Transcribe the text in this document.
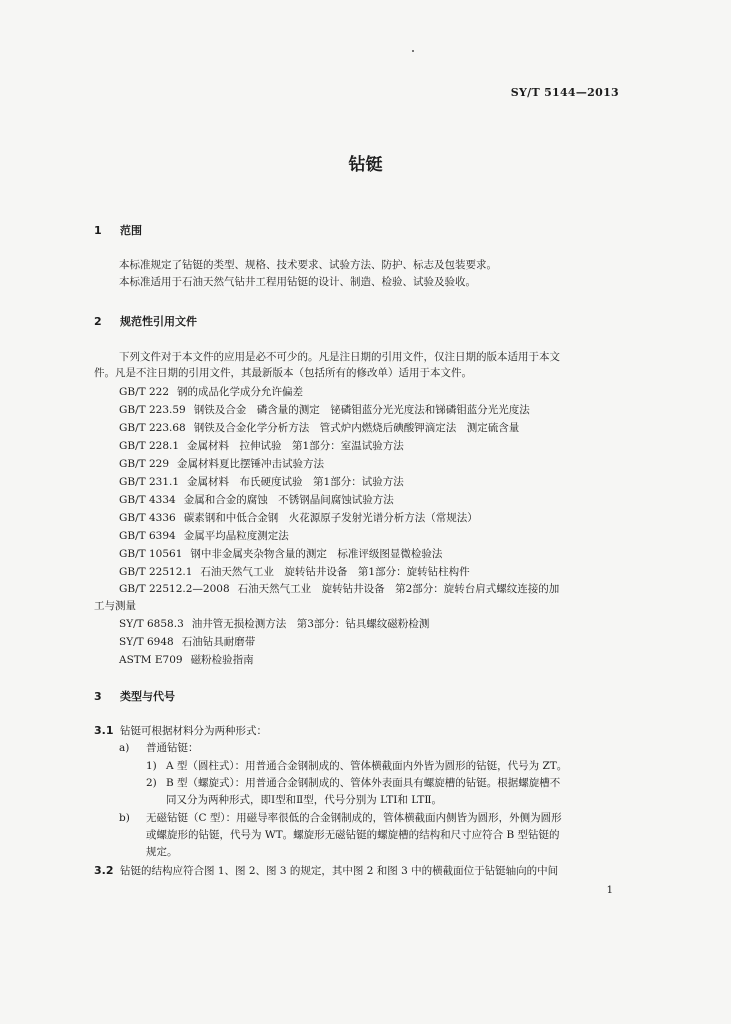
SY/T 5144—2013
钻铤
1 范围
本标准规定了钻铤的类型、规格、技术要求、试验方法、防护、标志及包装要求。
本标准适用于石油天然气钻井工程用钻铤的设计、制造、检验、试验及验收。
2 规范性引用文件
下列文件对于本文件的应用是必不可少的。凡是注日期的引用文件，仅注日期的版本适用于本文
件。凡是不注日期的引用文件，其最新版本（包括所有的修改单）适用于本文件。
GB/T 222 钢的成品化学成分允许偏差
GB/T 223.59 钢铁及合金　磷含量的测定　铋磷钼蓝分光光度法和锑磷钼蓝分光光度法
GB/T 223.68 钢铁及合金化学分析方法　管式炉内燃烧后碘酸钾滴定法　测定硫含量
GB/T 228.1 金属材料　拉伸试验　第1部分：室温试验方法
GB/T 229 金属材料夏比摆锤冲击试验方法
GB/T 231.1 金属材料　布氏硬度试验　第1部分：试验方法
GB/T 4334 金属和合金的腐蚀　不锈钢晶间腐蚀试验方法
GB/T 4336 碳素钢和中低合金钢　火花源原子发射光谱分析方法（常规法）
GB/T 6394 金属平均晶粒度测定法
GB/T 10561 钢中非金属夹杂物含量的测定　标准评级图显微检验法
GB/T 22512.1 石油天然气工业　旋转钻井设备　第1部分：旋转钻柱构件
GB/T 22512.2—2008 石油天然气工业　旋转钻井设备　第2部分：旋转台肩式螺纹连接的加
工与测量
SY/T 6858.3 油井管无损检测方法　第3部分：钻具螺纹磁粉检测
SY/T 6948 石油钻具耐磨带
ASTM E709 磁粉检验指南
3 类型与代号
3.1 钻铤可根据材料分为两种形式：
a) 普通钻铤：
1) A 型（圆柱式）：用普通合金钢制成的、管体横截面内外皆为圆形的钻铤，代号为 ZT。
2) B 型（螺旋式）：用普通合金钢制成的、管体外表面具有螺旋槽的钻铤。根据螺旋槽不
同又分为两种形式，即Ⅰ型和Ⅱ型，代号分别为 LTⅠ和 LTⅡ。
b) 无磁钻铤（C 型）：用磁导率很低的合金钢制成的，管体横截面内侧皆为圆形，外侧为圆形
或螺旋形的钻铤，代号为 WT。螺旋形无磁钻铤的螺旋槽的结构和尺寸应符合 B 型钻铤的
规定。
3.2 钻铤的结构应符合图 1、图 2、图 3 的规定，其中图 2 和图 3 中的横截面位于钻铤轴向的中间
1
